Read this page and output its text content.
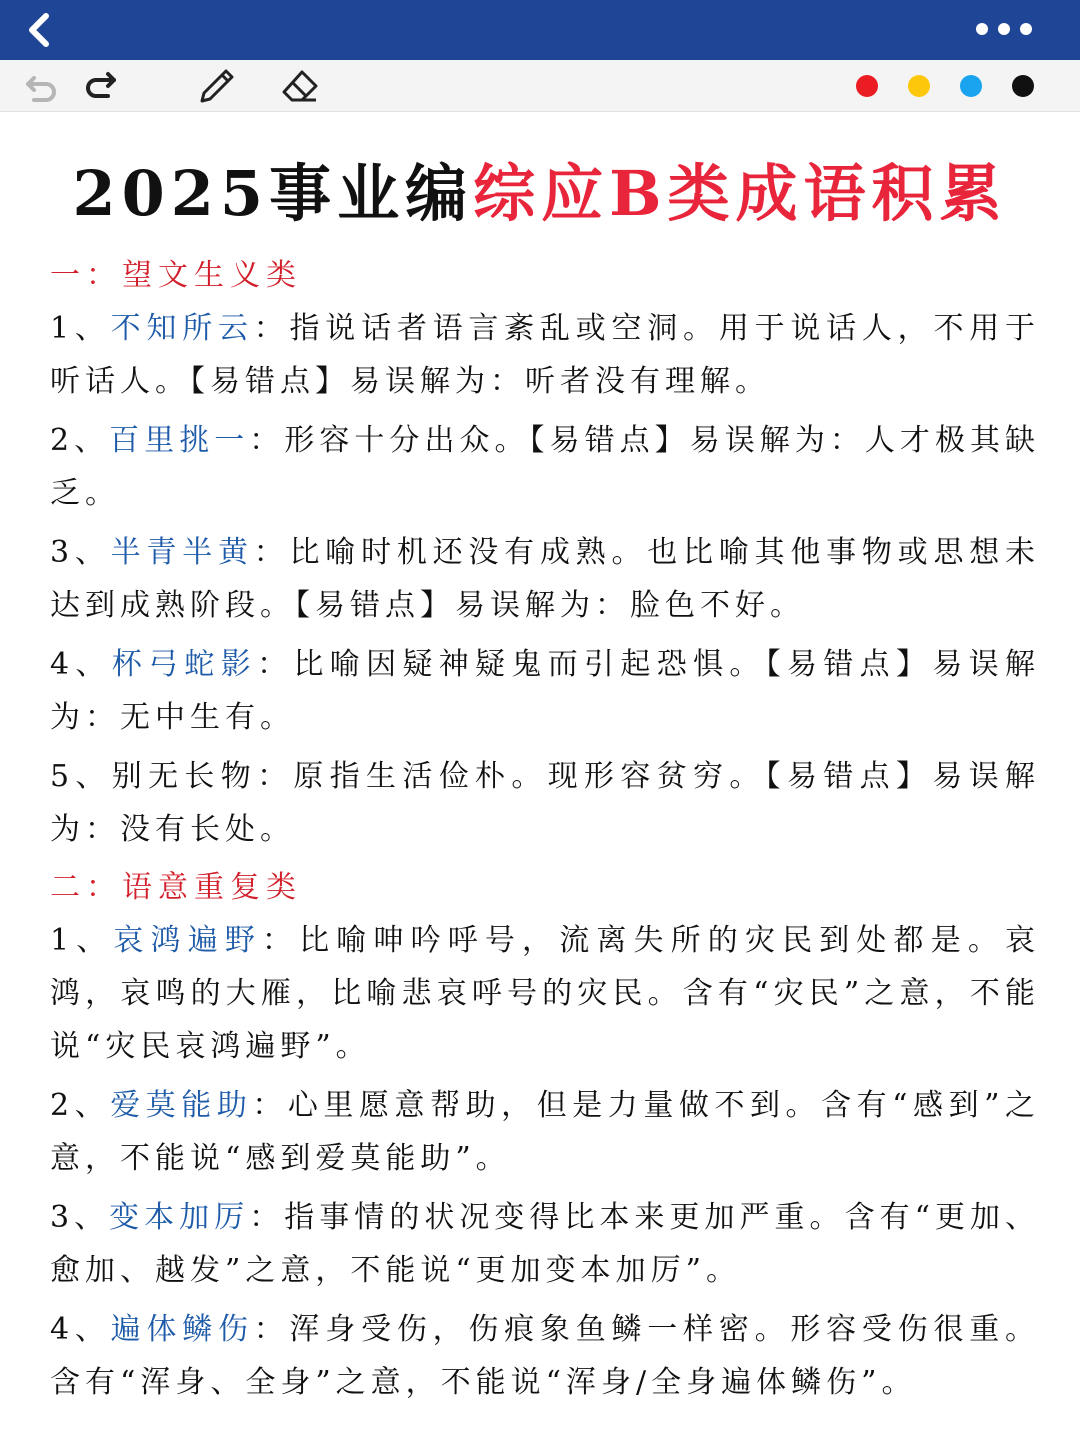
2025事业编综应B类成语积累
一：望文生义类
1、不知所云：指说话者语言紊乱或空洞。用于说话人，不用于听话人。【易错点】易误解为：听者没有理解。
2、百里挑一：形容十分出众。【易错点】易误解为：人才极其缺乏。
3、半青半黄：比喻时机还没有成熟。也比喻其他事物或思想未达到成熟阶段。【易错点】易误解为：脸色不好。
4、杯弓蛇影：比喻因疑神疑鬼而引起恐惧。【易错点】易误解为：无中生有。
5、别无长物：原指生活俭朴。现形容贫穷。【易错点】易误解为：没有长处。
二：语意重复类
1、哀鸿遍野：比喻呻吟呼号，流离失所的灾民到处都是。哀鸿，哀鸣的大雁，比喻悲哀呼号的灾民。含有“灾民”之意，不能说“灾民哀鸿遍野”。
2、爱莫能助：心里愿意帮助，但是力量做不到。含有“感到”之意，不能说“感到爱莫能助”。
3、变本加厉：指事情的状况变得比本来更加严重。含有“更加、愈加、越发”之意，不能说“更加变本加厉”。
4、遍体鳞伤：浑身受伤，伤痕象鱼鳞一样密。形容受伤很重。含有“浑身、全身”之意，不能说“浑身/全身遍体鳞伤”。
